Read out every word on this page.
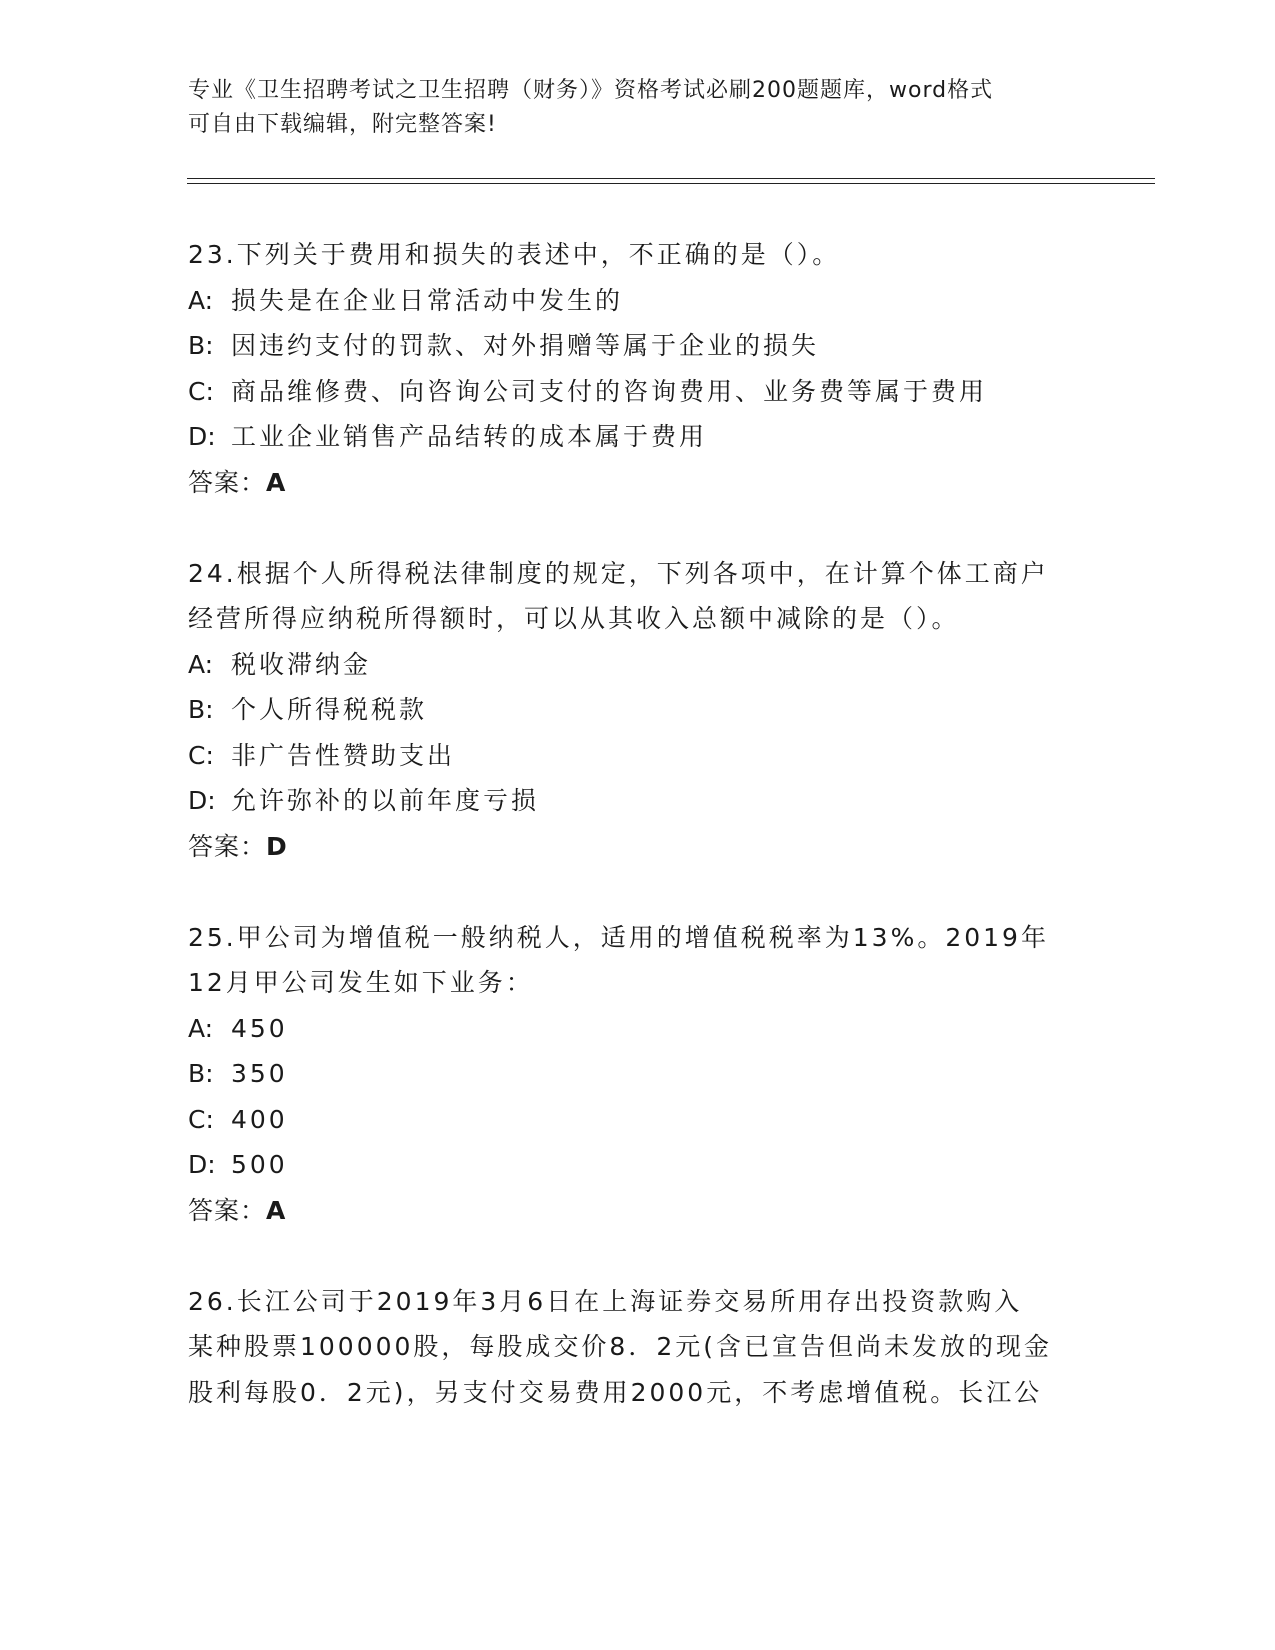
专业《卫生招聘考试之卫生招聘（财务）》资格考试必刷200题题库，word格式
可自由下载编辑，附完整答案!
23.下列关于费用和损失的表述中，不正确的是（）。
A: 损失是在企业日常活动中发生的
B: 因违约支付的罚款、对外捐赠等属于企业的损失
C: 商品维修费、向咨询公司支付的咨询费用、业务费等属于费用
D: 工业企业销售产品结转的成本属于费用
答案：A
24.根据个人所得税法律制度的规定，下列各项中，在计算个体工商户
经营所得应纳税所得额时，可以从其收入总额中减除的是（）。
A: 税收滞纳金
B: 个人所得税税款
C: 非广告性赞助支出
D: 允许弥补的以前年度亏损
答案：D
25.甲公司为增值税一般纳税人，适用的增值税税率为13%。2019年
12月甲公司发生如下业务：
A: 450
B: 350
C: 400
D: 500
答案：A
26.长江公司于2019年3月6日在上海证券交易所用存出投资款购入
某种股票100000股，每股成交价8．2元(含已宣告但尚未发放的现金
股利每股0．2元)，另支付交易费用2000元，不考虑增值税。长江公
